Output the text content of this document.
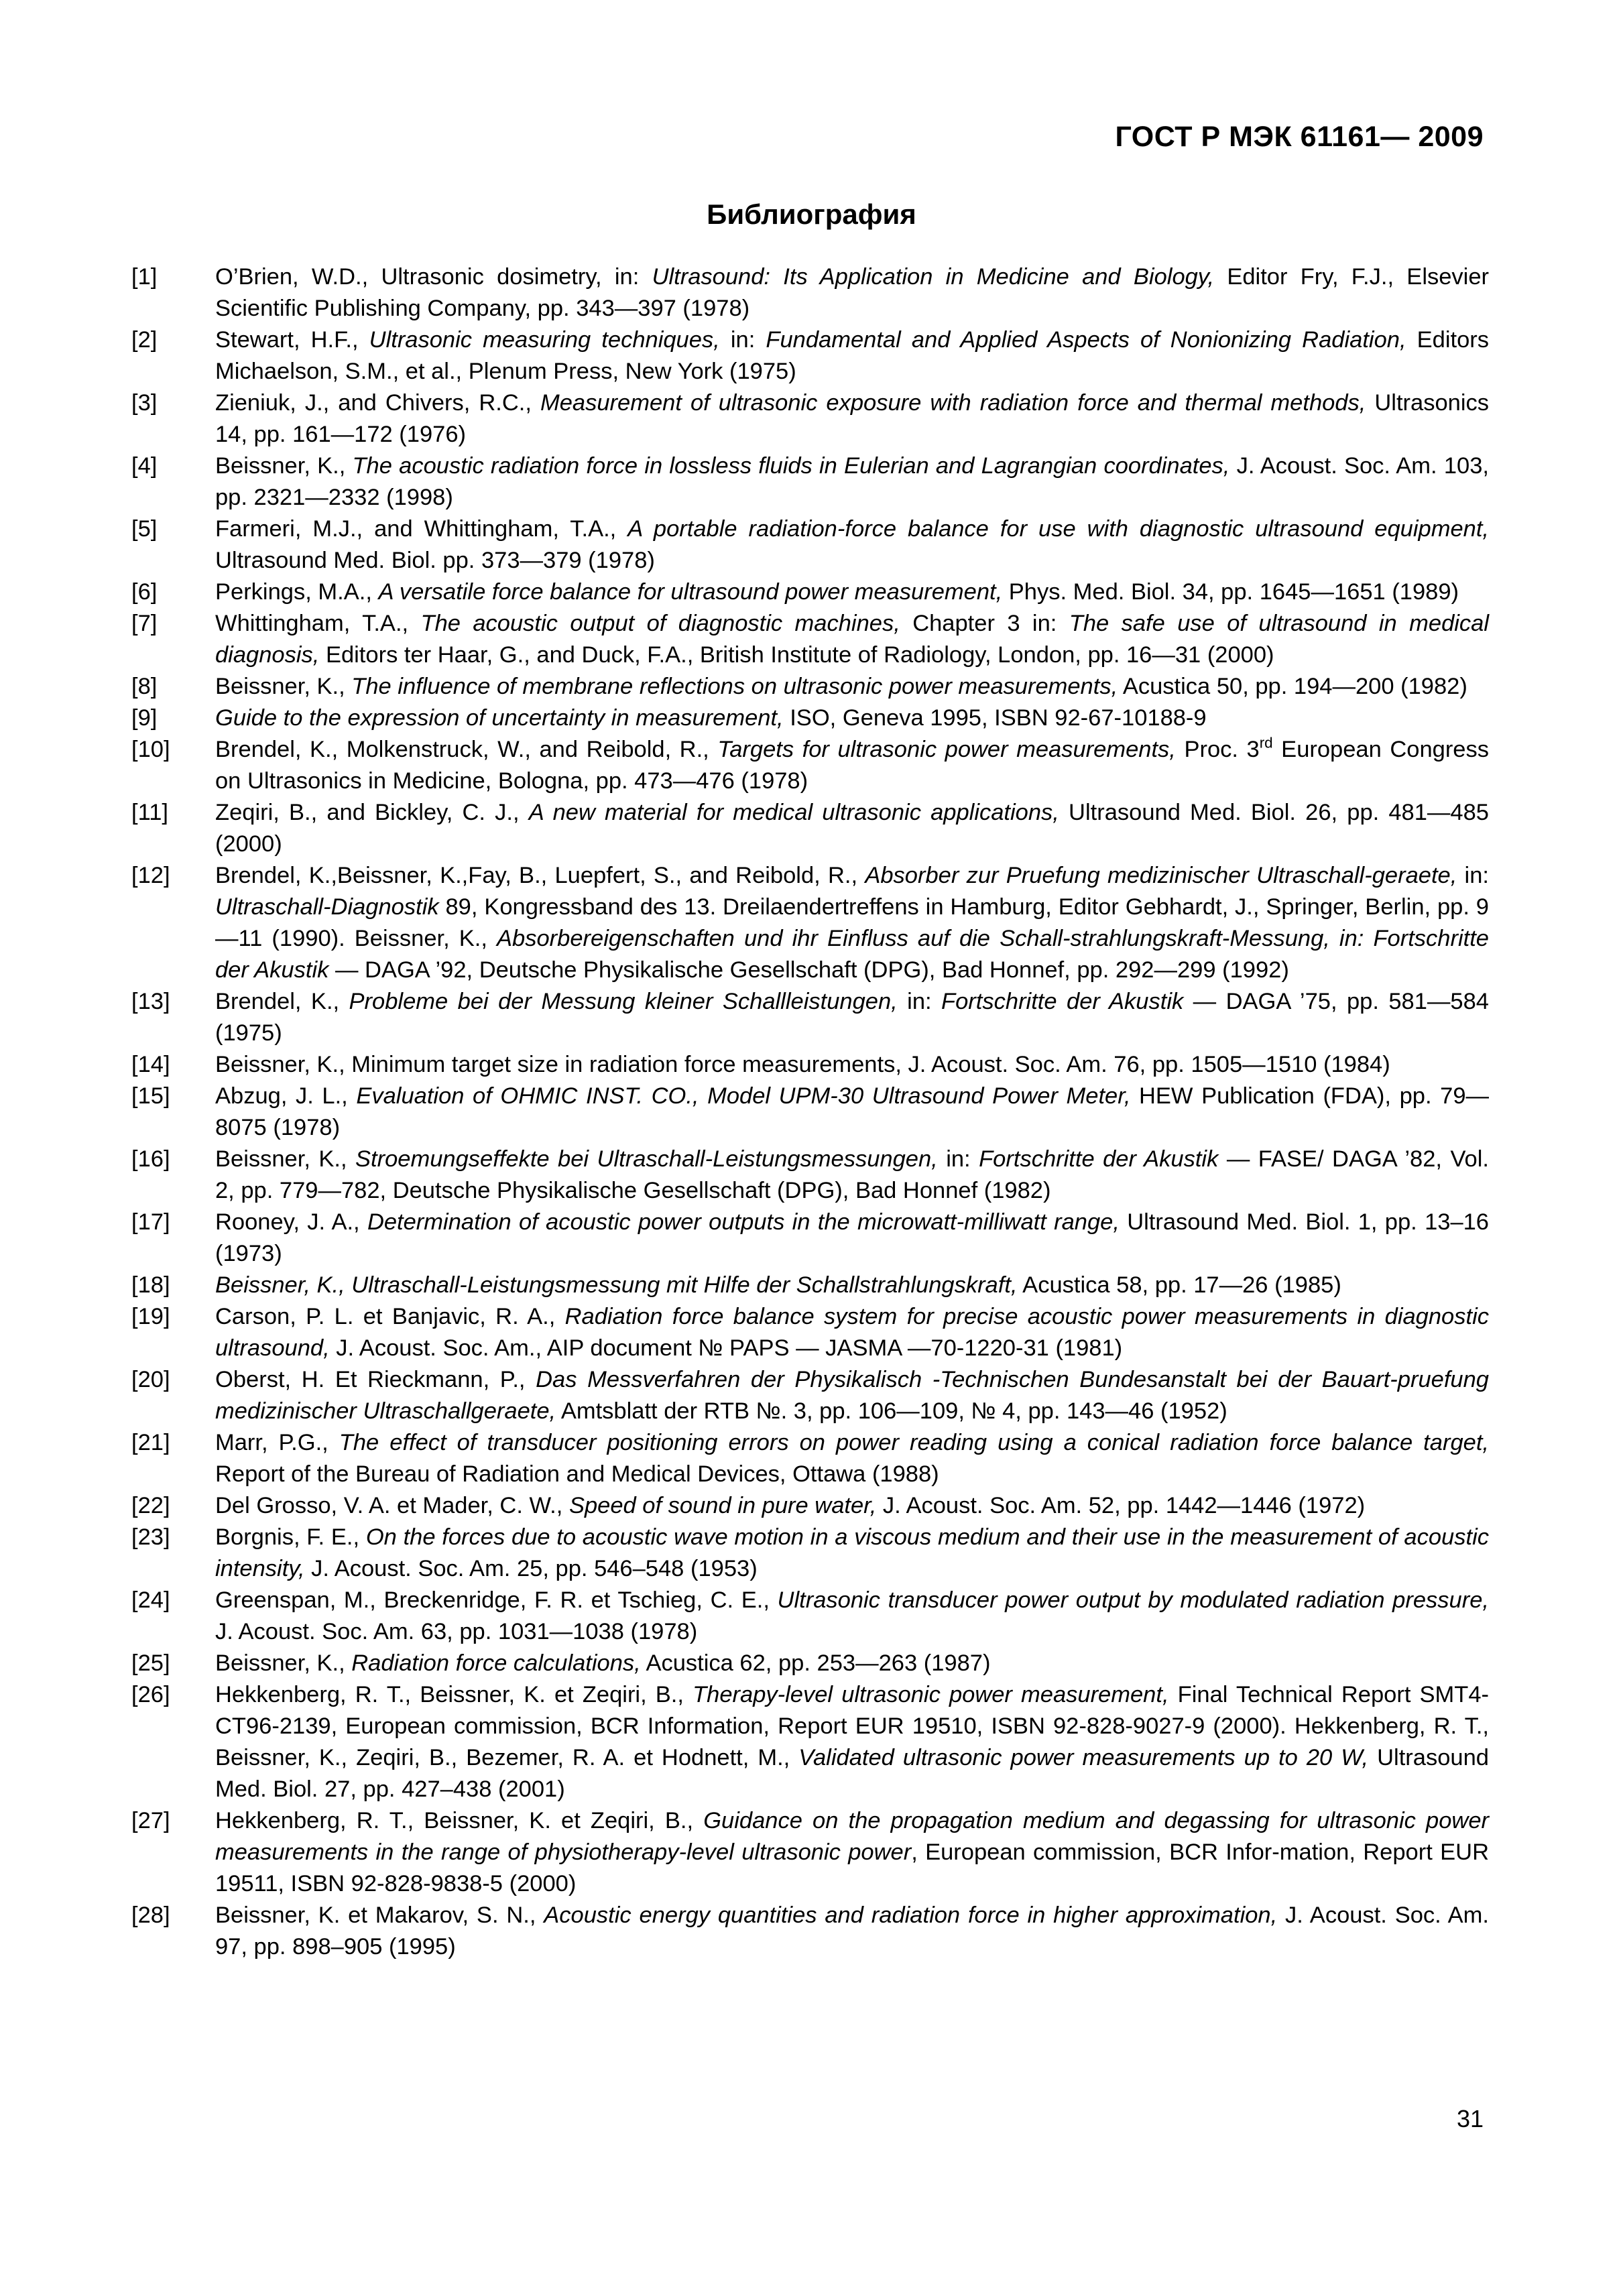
ГОСТ Р МЭК 61161— 2009
Библиография
[1]	O’Brien, W.D., Ultrasonic dosimetry, in: Ultrasound: Its Application in Medicine and Biology, Editor Fry, F.J., Elsevier Scientific Publishing Company, pp. 343—397 (1978)
[2]	Stewart, H.F., Ultrasonic measuring techniques, in: Fundamental and Applied Aspects of Nonionizing Radiation, Editors Michaelson, S.M., et al., Plenum Press, New York (1975)
[3]	Zieniuk, J., and Chivers, R.C., Measurement of ultrasonic exposure with radiation force and thermal methods, Ultrasonics 14, pp. 161—172 (1976)
[4]	Beissner, K., The acoustic radiation force in lossless fluids in Eulerian and Lagrangian coordinates, J. Acoust. Soc. Am. 103, pp. 2321—2332 (1998)
[5]	Farmeri, M.J., and Whittingham, T.A., A portable radiation-force balance for use with diagnostic ultrasound equipment, Ultrasound Med. Biol. pp. 373—379 (1978)
[6]	Perkings, M.A., A versatile force balance for ultrasound power measurement, Phys. Med. Biol. 34, pp. 1645—1651 (1989)
[7]	Whittingham, T.A., The acoustic output of diagnostic machines, Chapter 3 in: The safe use of ultrasound in medical diagnosis, Editors ter Haar, G., and Duck, F.A., British Institute of Radiology, London, pp. 16—31 (2000)
[8]	Beissner, K., The influence of membrane reflections on ultrasonic power measurements, Acustica 50, pp. 194—200 (1982)
[9]	Guide to the expression of uncertainty in measurement, ISO, Geneva 1995, ISBN 92-67-10188-9
[10]	Brendel, K., Molkenstruck, W., and Reibold, R., Targets for ultrasonic power measurements, Proc. 3rd European Congress on Ultrasonics in Medicine, Bologna, pp. 473—476 (1978)
[11]	Zeqiri, B., and Bickley, C. J., A new material for medical ultrasonic applications, Ultrasound Med. Biol. 26, pp. 481—485 (2000)
[12]	Brendel, K.,Beissner, K.,Fay, B., Luepfert, S., and Reibold, R., Absorber zur Pruefung medizinischer Ultraschall-geraete, in: Ultraschall-Diagnostik 89, Kongressband des 13. Dreilaendertreffens in Hamburg, Editor Gebhardt, J., Springer, Berlin, pp. 9—11 (1990). Beissner, K., Absorbereigenschaften und ihr Einfluss auf die Schall-strahlungskraft-Messung, in: Fortschritte der Akustik — DAGA ’92, Deutsche Physikalische Gesellschaft (DPG), Bad Honnef, pp. 292—299 (1992)
[13]	Brendel, K., Probleme bei der Messung kleiner Schallleistungen, in: Fortschritte der Akustik — DAGA ’75, pp. 581—584 (1975)
[14]	Beissner, K., Minimum target size in radiation force measurements, J. Acoust. Soc. Am. 76, pp. 1505—1510 (1984)
[15]	Abzug, J. L., Evaluation of OHMIC INST. CO., Model UPM-30 Ultrasound Power Meter, HEW Publication (FDA), pp. 79—8075 (1978)
[16]	Beissner, K., Stroemungseffekte bei Ultraschall-Leistungsmessungen, in: Fortschritte der Akustik — FASE/ DAGA ’82, Vol. 2, pp. 779—782, Deutsche Physikalische Gesellschaft (DPG), Bad Honnef (1982)
[17]	Rooney, J. A., Determination of acoustic power outputs in the microwatt-milliwatt range, Ultrasound Med. Biol. 1, pp. 13–16 (1973)
[18]	Beissner, K., Ultraschall-Leistungsmessung mit Hilfe der Schallstrahlungskraft, Acustica 58, pp. 17—26 (1985)
[19]	Carson, P. L. et Banjavic, R. A., Radiation force balance system for precise acoustic power measurements in diagnostic ultrasound, J. Acoust. Soc. Am., AIP document № PAPS — JASMA —70-1220-31 (1981)
[20]	Oberst, H. Et Rieckmann, P., Das Messverfahren der Physikalisch -Technischen Bundesanstalt bei der Bauart-pruefung medizinischer Ultraschallgeraete, Amtsblatt der RTB №. 3, pp. 106—109, № 4, pp. 143—46 (1952)
[21]	Marr, P.G., The effect of transducer positioning errors on power reading using a conical radiation force balance target, Report of the Bureau of Radiation and Medical Devices, Ottawa (1988)
[22]	Del Grosso, V. A. et Mader, C. W., Speed of sound in pure water, J. Acoust. Soc. Am. 52, pp. 1442—1446 (1972)
[23]	Borgnis, F. E., On the forces due to acoustic wave motion in a viscous medium and their use in the measurement of acoustic intensity, J. Acoust. Soc. Am. 25, pp. 546–548 (1953)
[24]	Greenspan, M., Breckenridge, F. R. et Tschieg, C. E., Ultrasonic transducer power output by modulated radiation pressure, J. Acoust. Soc. Am. 63, pp. 1031—1038 (1978)
[25]	Beissner, K., Radiation force calculations, Acustica 62, pp. 253—263 (1987)
[26]	Hekkenberg, R. T., Beissner, K. et Zeqiri, B., Therapy-level ultrasonic power measurement, Final Technical Report SMT4-CT96-2139, European commission, BCR Information, Report EUR 19510, ISBN 92-828-9027-9 (2000). Hekkenberg, R. T., Beissner, K., Zeqiri, B., Bezemer, R. A. et Hodnett, M., Validated ultrasonic power measurements up to 20 W, Ultrasound Med. Biol. 27, pp. 427–438 (2001)
[27]	Hekkenberg, R. T., Beissner, K. et Zeqiri, B., Guidance on the propagation medium and degassing for ultrasonic power measurements in the range of physiotherapy-level ultrasonic power, European commission, BCR Infor-mation, Report EUR 19511, ISBN 92-828-9838-5 (2000)
[28]	Beissner, K. et Makarov, S. N., Acoustic energy quantities and radiation force in higher approximation, J. Acoust. Soc. Am. 97, pp. 898–905 (1995)
31
